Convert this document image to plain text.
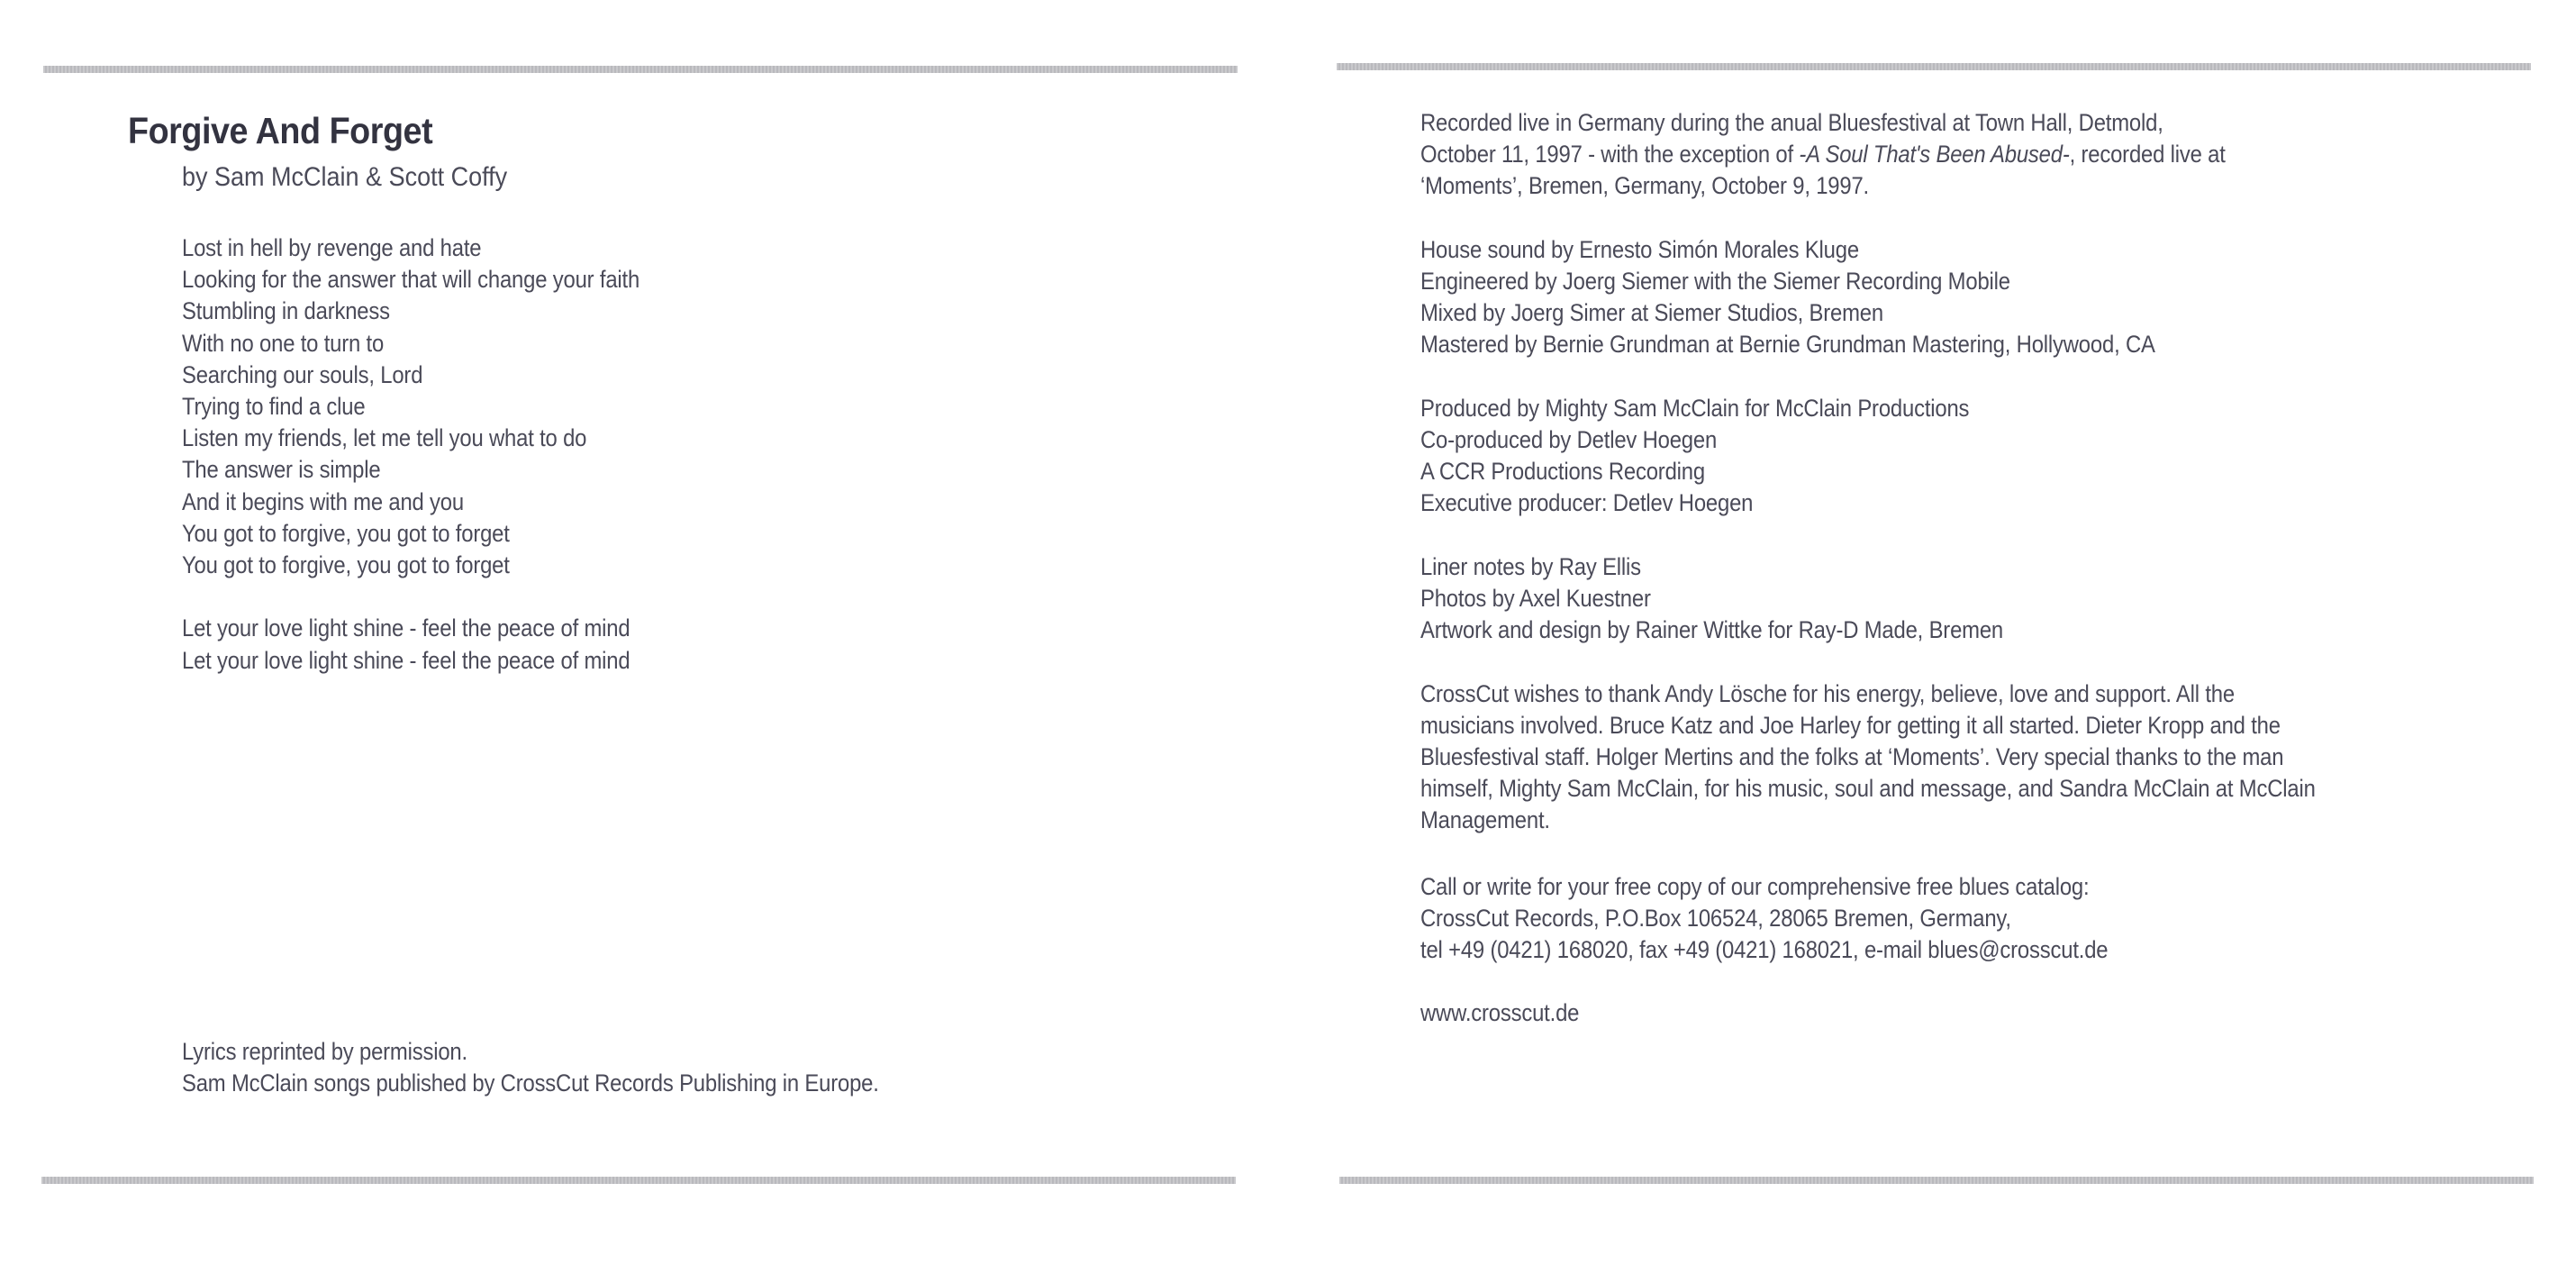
Forgive And Forget
by Sam McClain & Scott Coffy
Lost in hell by revenge and hate
Looking for the answer that will change your faith
Stumbling in darkness
With no one to turn to
Searching our souls, Lord
Trying to find a clue
Listen my friends, let me tell you what to do
The answer is simple
And it begins with me and you
You got to forgive, you got to forget
You got to forgive, you got to forget
Let your love light shine - feel the peace of mind
Let your love light shine - feel the peace of mind
Lyrics reprinted by permission.
Sam McClain songs published by CrossCut Records Publishing in Europe.
Recorded live in Germany during the anual Bluesfestival at Town Hall, Detmold,
October 11, 1997 - with the exception of -A Soul That's Been Abused-, recorded live at
‘Moments’, Bremen, Germany, October 9, 1997.
House sound by Ernesto Simón Morales Kluge
Engineered by Joerg Siemer with the Siemer Recording Mobile
Mixed by Joerg Simer at Siemer Studios, Bremen
Mastered by Bernie Grundman at Bernie Grundman Mastering, Hollywood, CA
Produced by Mighty Sam McClain for McClain Productions
Co-produced by Detlev Hoegen
A CCR Productions Recording
Executive producer: Detlev Hoegen
Liner notes by Ray Ellis
Photos by Axel Kuestner
Artwork and design by Rainer Wittke for Ray-D Made, Bremen
CrossCut wishes to thank Andy Lösche for his energy, believe, love and support. All the
musicians involved. Bruce Katz and Joe Harley for getting it all started. Dieter Kropp and the
Bluesfestival staff. Holger Mertins and the folks at ‘Moments’. Very special thanks to the man
himself, Mighty Sam McClain, for his music, soul and message, and Sandra McClain at McClain
Management.
Call or write for your free copy of our comprehensive free blues catalog:
CrossCut Records, P.O.Box 106524, 28065 Bremen, Germany,
tel +49 (0421) 168020, fax +49 (0421) 168021, e-mail blues@crosscut.de
www.crosscut.de
